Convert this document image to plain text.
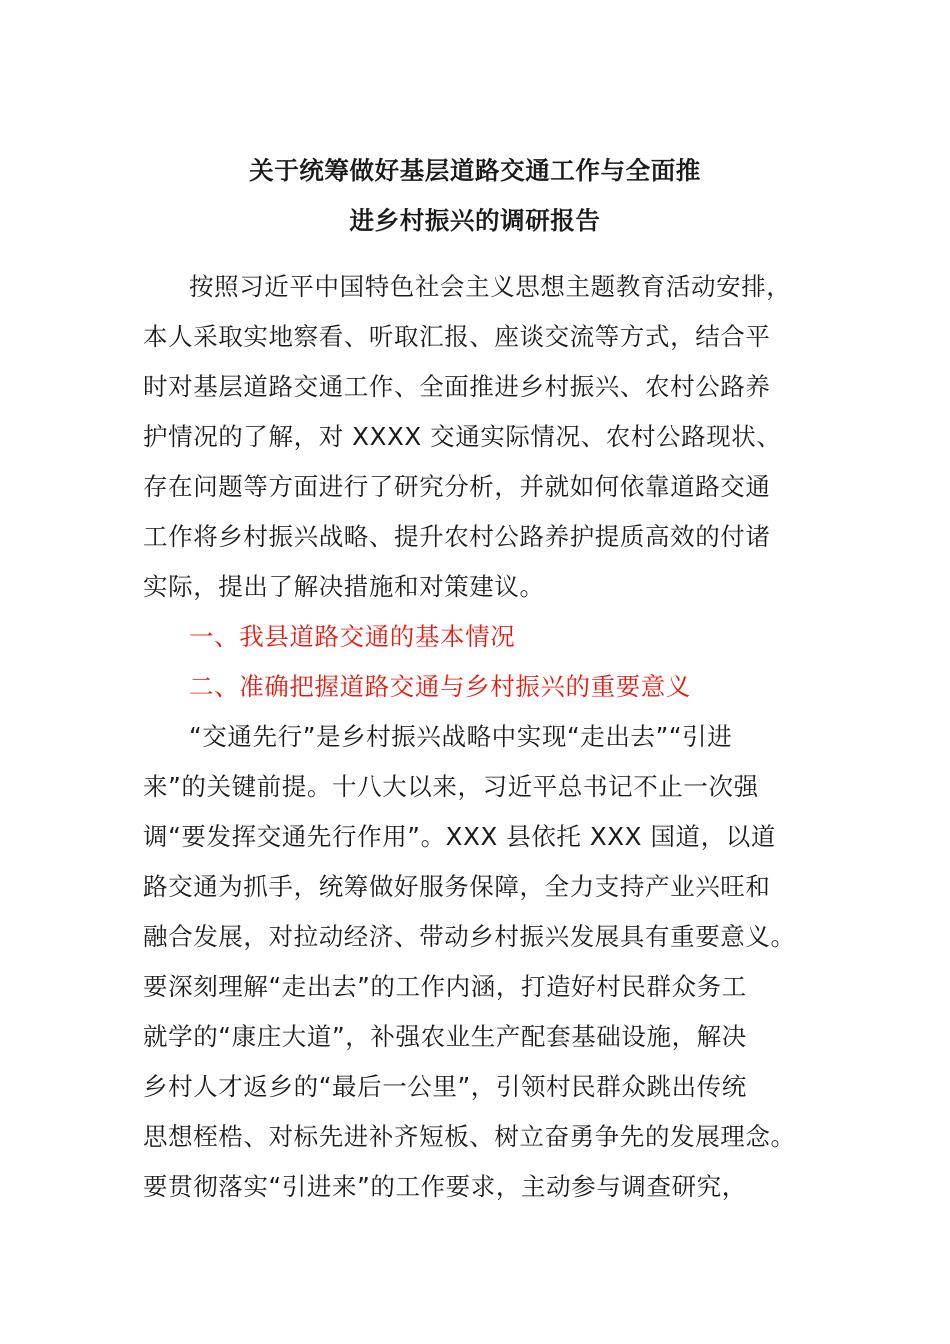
关于统筹做好基层道路交通工作与全面推
进乡村振兴的调研报告
按照习近平中国特色社会主义思想主题教育活动安排，
本人采取实地察看、听取汇报、座谈交流等方式，结合平
时对基层道路交通工作、全面推进乡村振兴、农村公路养
护情况的了解，对 XXXX 交通实际情况、农村公路现状、
存在问题等方面进行了研究分析，并就如何依靠道路交通
工作将乡村振兴战略、提升农村公路养护提质高效的付诸
实际，提出了解决措施和对策建议。
一、我县道路交通的基本情况
二、准确把握道路交通与乡村振兴的重要意义
“交通先行”是乡村振兴战略中实现“走出去”“引进
来”的关键前提。十八大以来，习近平总书记不止一次强
调“要发挥交通先行作用”。XXX 县依托 XXX 国道，以道
路交通为抓手，统筹做好服务保障，全力支持产业兴旺和
融合发展，对拉动经济、带动乡村振兴发展具有重要意义。
要深刻理解“走出去”的工作内涵，打造好村民群众务工
就学的“康庄大道”，补强农业生产配套基础设施，解决
乡村人才返乡的“最后一公里”，引领村民群众跳出传统
思想桎梏、对标先进补齐短板、树立奋勇争先的发展理念。
要贯彻落实“引进来”的工作要求，主动参与调查研究，
